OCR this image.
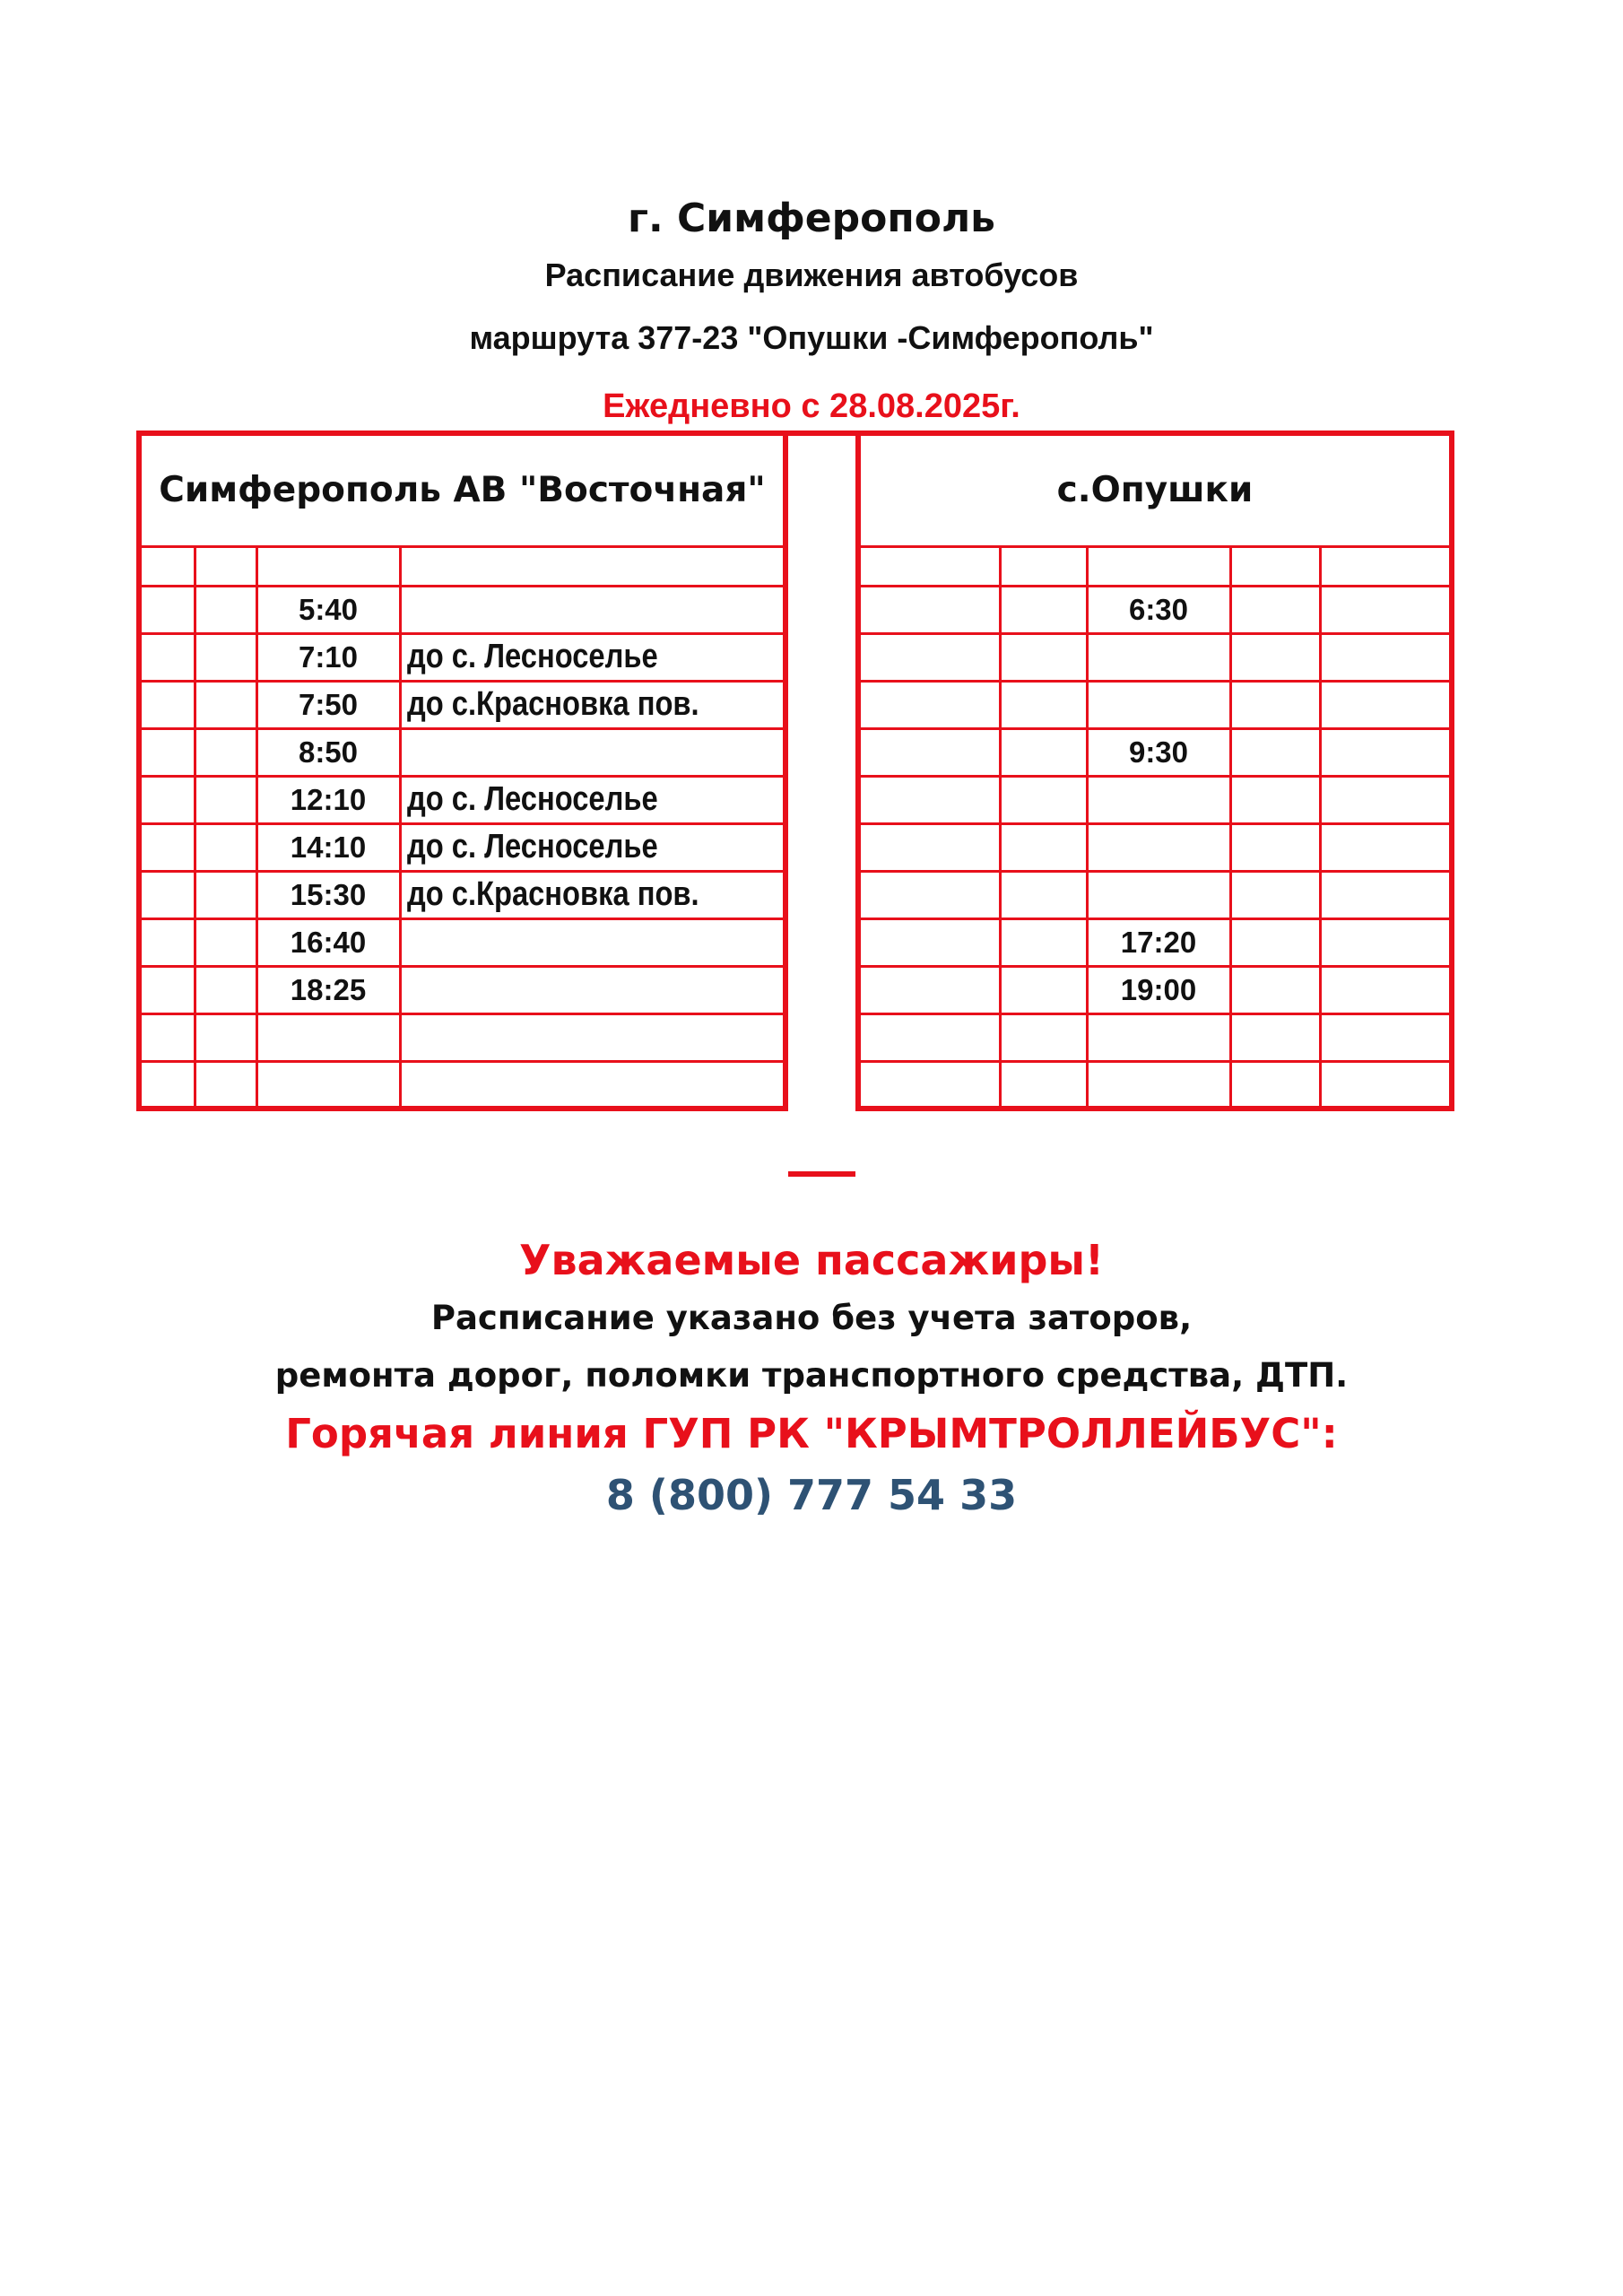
г. Симферополь
Расписание движения автобусов
маршрута 377-23 "Опушки -Симферополь"
Ежедневно с 28.08.2025г.
Симферополь АВ "Восточная"			

		5:40	
		7:10	до с. Лесноселье
		7:50	до с.Красновка пов.
		8:50	
		12:10	до с. Лесноселье
		14:10	до с. Лесноселье
		15:30	до с.Красновка пов.
		16:40	
		18:25	

с.Опушки				

		6:30		

		9:30		

		17:20		
		19:00		

Уважаемые пассажиры!
Расписание указано без учета заторов,
ремонта дорог, поломки транспортного средства, ДТП.
Горячая линия ГУП РК "КРЫМТРОЛЛЕЙБУС":
8 (800) 777 54 33
